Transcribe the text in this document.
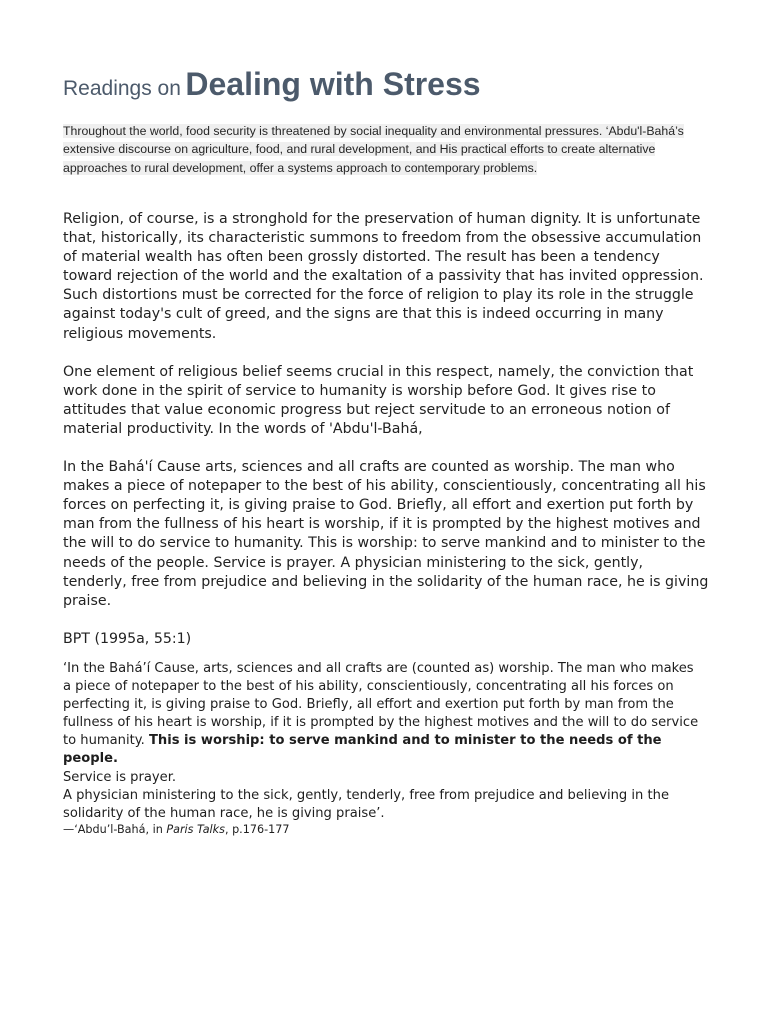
Readings on Dealing with Stress
Throughout the world, food security is threatened by social inequality and environmental pressures. ‘Abdu'l-Bahá’s extensive discourse on agriculture, food, and rural development, and His practical efforts to create alternative approaches to rural development, offer a systems approach to contemporary problems.

Religion, of course, is a stronghold for the preservation of human dignity. It is unfortunate that, historically, its characteristic summons to freedom from the obsessive accumulation of material wealth has often been grossly distorted. The result has been a tendency toward rejection of the world and the exaltation of a passivity that has invited oppression. Such distortions must be corrected for the force of religion to play its role in the struggle against today's cult of greed, and the signs are that this is indeed occurring in many religious movements.

One element of religious belief seems crucial in this respect, namely, the conviction that work done in the spirit of service to humanity is worship before God. It gives rise to attitudes that value economic progress but reject servitude to an erroneous notion of material productivity. In the words of 'Abdu'l-Bahá,

In the Bahá'í Cause arts, sciences and all crafts are counted as worship. The man who makes a piece of notepaper to the best of his ability, conscientiously, concentrating all his forces on perfecting it, is giving praise to God. Briefly, all effort and exertion put forth by man from the fullness of his heart is worship, if it is prompted by the highest motives and the will to do service to humanity. This is worship: to serve mankind and to minister to the needs of the people. Service is prayer. A physician ministering to the sick, gently, tenderly, free from prejudice and believing in the solidarity of the human race, he is giving praise.

BPT (1995a, 55:1)

‘In the Bahá’í Cause, arts, sciences and all crafts are (counted as) worship. The man who makes a piece of notepaper to the best of his ability, conscientiously, concentrating all his forces on perfecting it, is giving praise to God. Briefly, all effort and exertion put forth by man from the fullness of his heart is worship, if it is prompted by the highest motives and the will to do service to humanity. This is worship: to serve mankind and to minister to the needs of the people.
Service is prayer.
A physician ministering to the sick, gently, tenderly, free from prejudice and believing in the solidarity of the human race, he is giving praise’.
—‘Abdu’l-Bahá, in Paris Talks, p.176-177
